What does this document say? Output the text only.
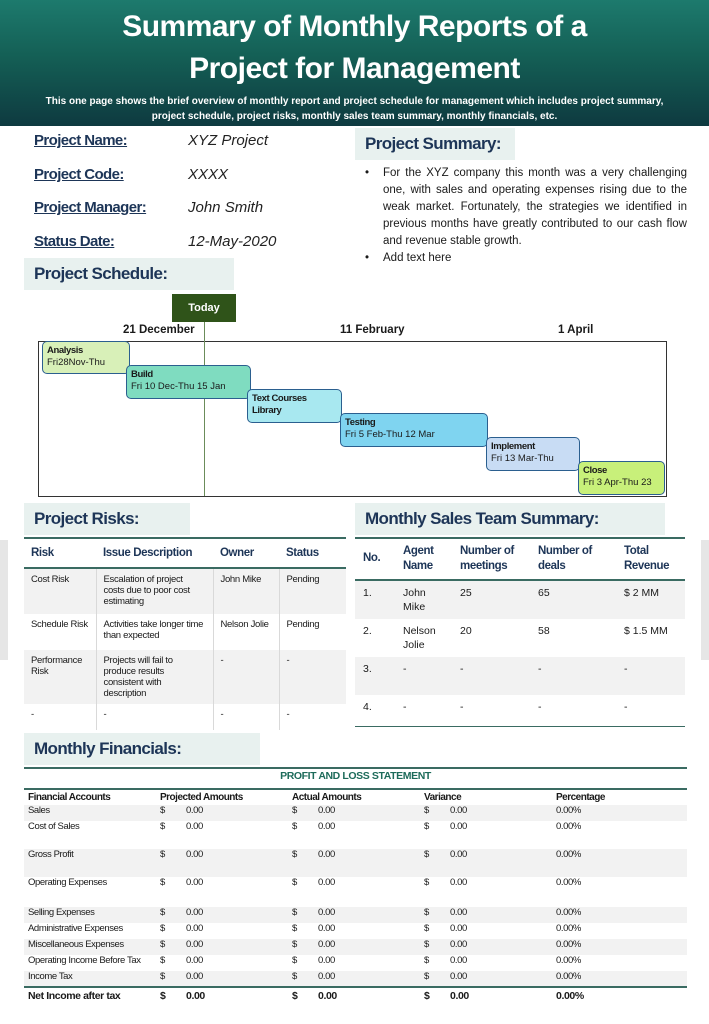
Summary of Monthly Reports of a
Project for Management

This one page shows the brief overview of monthly report and project schedule for management which includes project summary, project schedule, project risks, monthly sales team summary, monthly financials, etc.

Project Name:	XYZ Project
Project Code:	XXXX
Project Manager:	John Smith
Status Date:	12-May-2020
Project Summary:
• For the XYZ company this month was a very challenging one, with sales and operating expenses rising due to the weak market. Fortunately, the strategies we identified in previous months have greatly contributed to our cash flow and revenue stable growth.
• Add text here
Project Schedule:
Today
21 December	11 February	1 April
Analysis
Fri28Nov-Thu
Build
Fri 10 Dec-Thu 15 Jan
Text Courses Library
Testing
Fri 5 Feb-Thu 12 Mar
Implement
Fri 13 Mar-Thu
Close
Fri 3 Apr-Thu 23
Project Risks:
Risk	Issue Description	Owner	Status
Cost Risk	Escalation of project costs due to poor cost estimating	John Mike	Pending
Schedule Risk	Activities take longer time than expected	Nelson Jolie	Pending
Performance Risk	Projects will fail to produce results consistent with description	-	-
-	-	-	-
Monthly Sales Team Summary:
No.	Agent Name	Number of meetings	Number of deals	Total Revenue
1.	John Mike	25	65	$ 2 MM
2.	Nelson Jolie	20	58	$ 1.5 MM
3.	-	-	-	-
4.	-	-	-	-
Monthly Financials:
PROFIT AND LOSS STATEMENT
Financial Accounts	Projected Amounts		Actual Amounts		Variance		Percentage
Sales	$	0.00	$	0.00	$	0.00	0.00%
Cost of Sales	$	0.00	$	0.00	$	0.00	0.00%
Gross Profit	$	0.00	$	0.00	$	0.00	0.00%
Operating Expenses	$	0.00	$	0.00	$	0.00	0.00%
Selling Expenses	$	0.00	$	0.00	$	0.00	0.00%
Administrative Expenses	$	0.00	$	0.00	$	0.00	0.00%
Miscellaneous Expenses	$	0.00	$	0.00	$	0.00	0.00%
Operating Income Before Tax	$	0.00	$	0.00	$	0.00	0.00%
Income Tax	$	0.00	$	0.00	$	0.00	0.00%
Net Income after tax	$	0.00	$	0.00	$	0.00	0.00%
